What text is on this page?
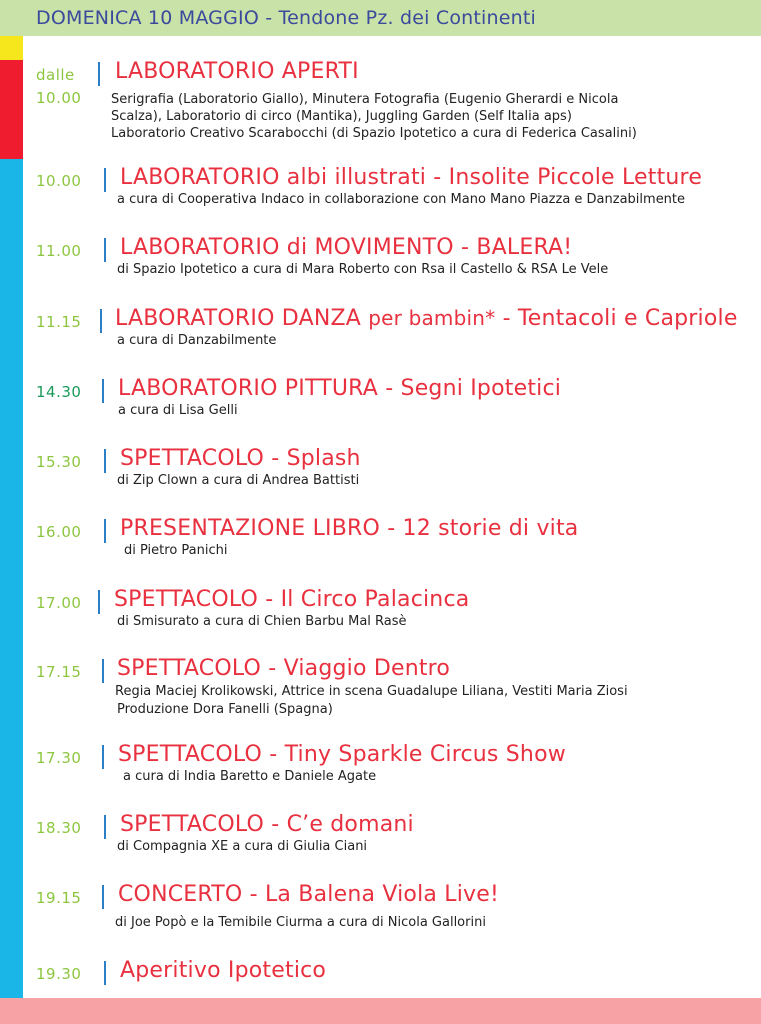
DOMENICA 10 MAGGIO - Tendone Pz. dei Continenti
dalle
10.00
LABORATORIO APERTI
Serigrafia (Laboratorio Giallo), Minutera Fotografia (Eugenio Gherardi e Nicola
Scalza), Laboratorio di circo (Mantika), Juggling Garden (Self Italia aps)
Laboratorio Creativo Scarabocchi (di Spazio Ipotetico a cura di Federica Casalini)
10.00 LABORATORIO albi illustrati - Insolite Piccole Letture
a cura di Cooperativa Indaco in collaborazione con Mano Mano Piazza e Danzabilmente
11.00 LABORATORIO di MOVIMENTO - BALERA!
di Spazio Ipotetico a cura di Mara Roberto con Rsa il Castello & RSA Le Vele
11.15 LABORATORIO DANZA per bambin* - Tentacoli e Capriole
a cura di Danzabilmente
14.30 LABORATORIO PITTURA - Segni Ipotetici
a cura di Lisa Gelli
15.30 SPETTACOLO - Splash
di Zip Clown a cura di Andrea Battisti
16.00 PRESENTAZIONE LIBRO - 12 storie di vita
di Pietro Panichi
17.00 SPETTACOLO - Il Circo Palacinca
di Smisurato a cura di Chien Barbu Mal Rasè
17.15 SPETTACOLO - Viaggio Dentro
Regia Maciej Krolikowski, Attrice in scena Guadalupe Liliana, Vestiti Maria Ziosi
Produzione Dora Fanelli (Spagna)
17.30 SPETTACOLO - Tiny Sparkle Circus Show
a cura di India Baretto e Daniele Agate
18.30 SPETTACOLO - C’e domani
di Compagnia XE a cura di Giulia Ciani
19.15 CONCERTO - La Balena Viola Live!
di Joe Popò e la Temibile Ciurma a cura di Nicola Gallorini
19.30 Aperitivo Ipotetico
